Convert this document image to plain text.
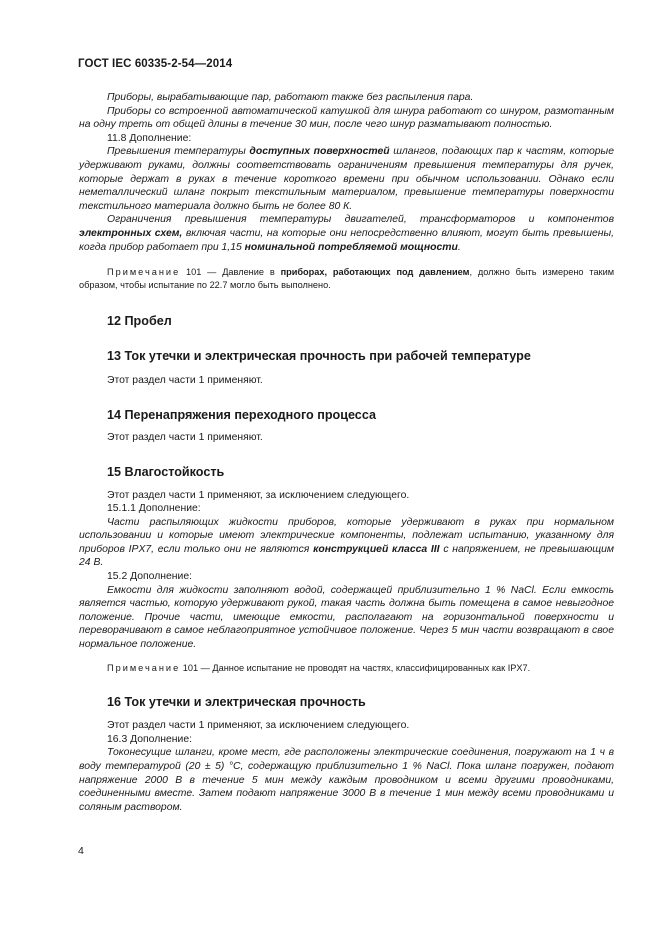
ГОСТ IEC 60335-2-54—2014

Приборы, вырабатывающие пар, работают также без распыления пара.

Приборы со встроенной автоматической катушкой для шнура работают со шнуром, размотанным на одну треть от общей длины в течение 30 мин, после чего шнур разматывают полностью.

11.8 Дополнение:

Превышения температуры доступных поверхностей шлангов, подающих пар к частям, которые удерживают руками, должны соответствовать ограничениям превышения температуры для ручек, которые держат в руках в течение короткого времени при обычном использовании. Однако если неметаллический шланг покрыт текстильным материалом, превышение температуры поверхности текстильного материала должно быть не более 80 К.

Ограничения превышения температуры двигателей, трансформаторов и компонентов электронных схем, включая части, на которые они непосредственно влияют, могут быть превышены, когда прибор работает при 1,15 номинальной потребляемой мощности.

Примечание 101 — Давление в приборах, работающих под давлением, должно быть измерено таким образом, чтобы испытание по 22.7 могло быть выполнено.

12 Пробел
13 Ток утечки и электрическая прочность при рабочей температуре

Этот раздел части 1 применяют.

14 Перенапряжения переходного процесса

Этот раздел части 1 применяют.

15 Влагостойкость

Этот раздел части 1 применяют, за исключением следующего.

15.1.1 Дополнение:

Части распыляющих жидкости приборов, которые удерживают в руках при нормальном использовании и которые имеют электрические компоненты, подлежат испытанию, указанному для приборов IPX7, если только они не являются конструкцией класса III с напряжением, не превышающим 24 В.

15.2 Дополнение:

Емкости для жидкости заполняют водой, содержащей приблизительно 1 % NaCl. Если емкость является частью, которую удерживают рукой, такая часть должна быть помещена в самое невыгодное положение. Прочие части, имеющие емкости, располагают на горизонтальной поверхности и переворачивают в самое неблагоприятное устойчивое положение. Через 5 мин части возвращают в свое нормальное положение.

Примечание 101 — Данное испытание не проводят на частях, классифицированных как IPX7.

16 Ток утечки и электрическая прочность

Этот раздел части 1 применяют, за исключением следующего.

16.3 Дополнение:

Токонесущие шланги, кроме мест, где расположены электрические соединения, погружают на 1 ч в воду температурой (20 ± 5) °С, содержащую приблизительно 1 % NaCl. Пока шланг погружен, подают напряжение 2000 В в течение 5 мин между каждым проводником и всеми другими проводниками, соединенными вместе. Затем подают напряжение 3000 В в течение 1 мин между всеми проводниками и соляным раствором.

4
